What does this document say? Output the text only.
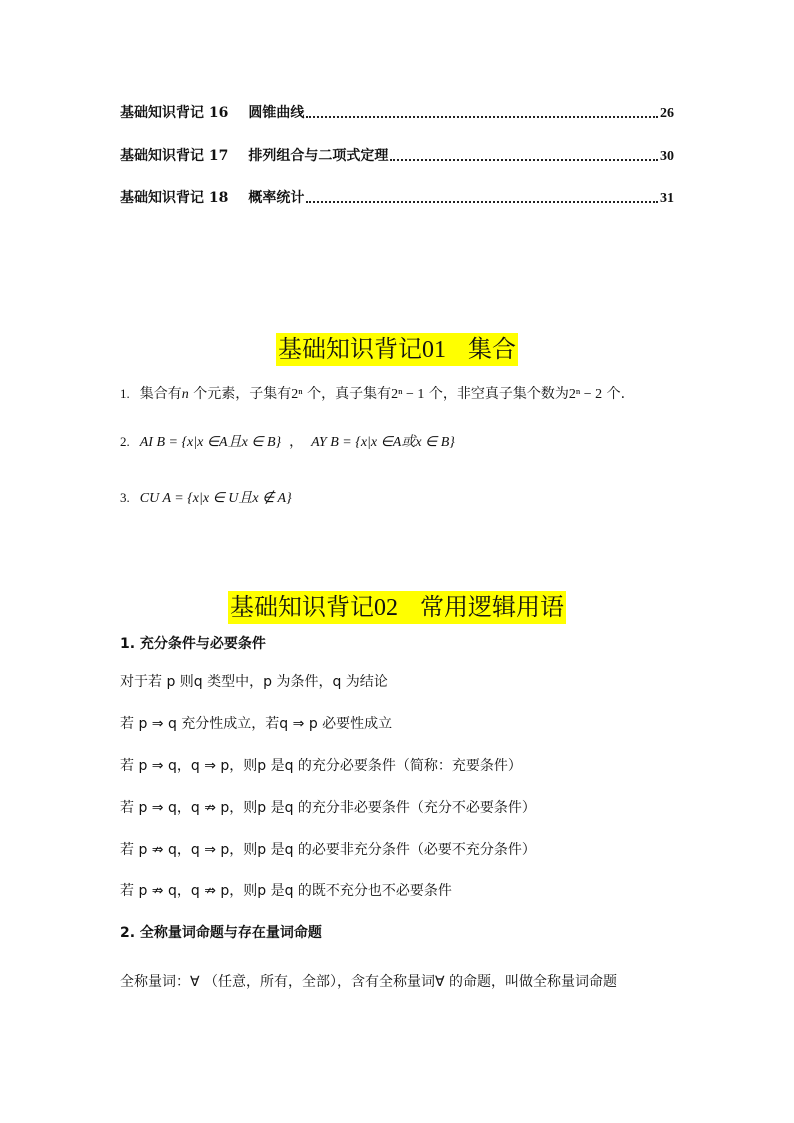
基础知识背记 16 圆锥曲线	26
基础知识背记 17 排列组合与二项式定理	30
基础知识背记 18 概率统计	31
基础知识背记01 集合
1. 集合有n 个元素，子集有2ⁿ 个，真子集有2ⁿ − 1 个，非空真子集个数为2ⁿ − 2 个.
2. AI B = {x|x ∈A且x ∈ B} ， AY B = {x|x ∈A或x ∈ B}
3. CU A = {x|x ∈ U且x ∉ A}
基础知识背记02 常用逻辑用语
1. 充分条件与必要条件
对于若 p 则q 类型中，p 为条件，q 为结论
若 p ⇒ q 充分性成立，若q ⇒ p 必要性成立
若 p ⇒ q，q ⇒ p，则p 是q 的充分必要条件（简称：充要条件）
若 p ⇒ q，q ⇏ p，则p 是q 的充分非必要条件（充分不必要条件）
若 p ⇏ q，q ⇒ p，则p 是q 的必要非充分条件（必要不充分条件）
若 p ⇏ q，q ⇏ p，则p 是q 的既不充分也不必要条件
2. 全称量词命题与存在量词命题
全称量词：∀ （任意，所有，全部），含有全称量词∀ 的命题，叫做全称量词命题
